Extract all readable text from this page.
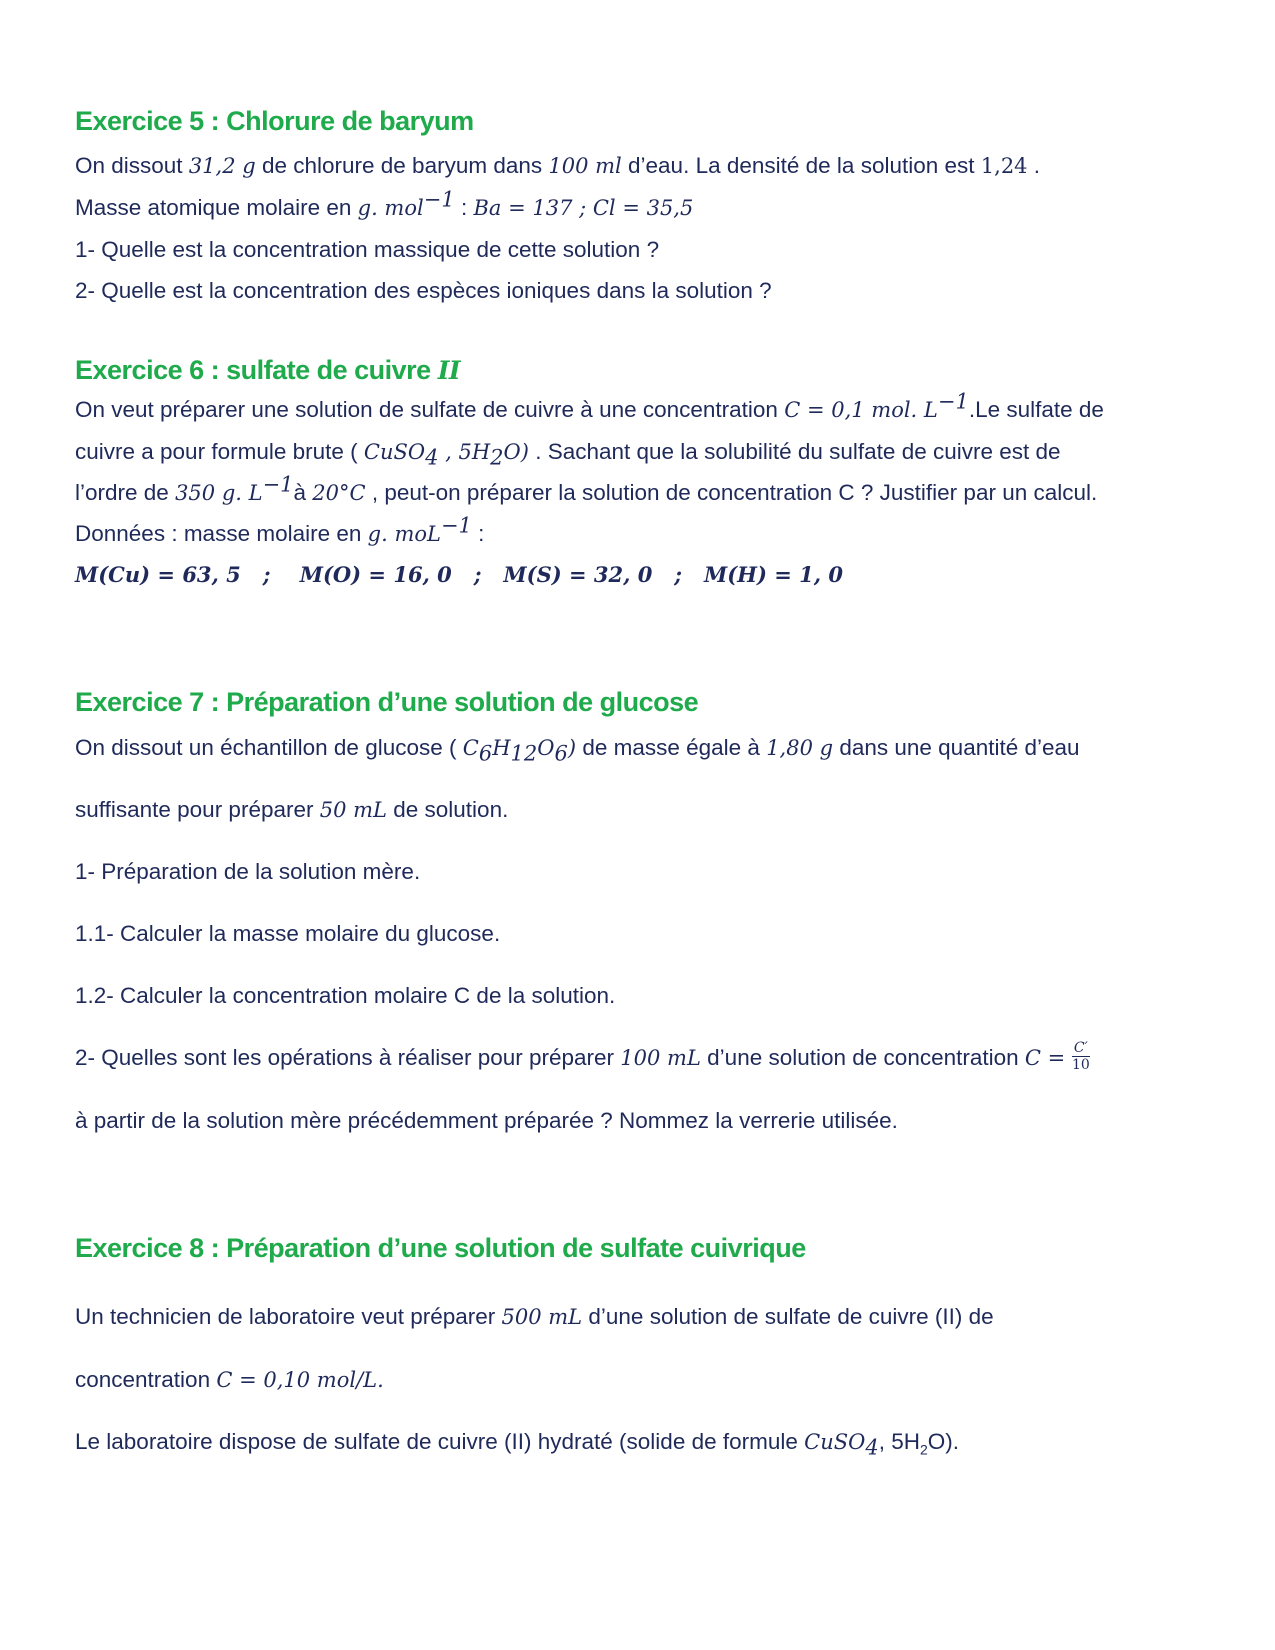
Exercice 5 : Chlorure de baryum
On dissout 31,2 g de chlorure de baryum dans 100 ml d’eau. La densité de la solution est 1,24 .
Masse atomique molaire en g. mol$^{-1}$ : Ba = 137 ; Cl = 35,5
1- Quelle est la concentration massique de cette solution ?
2- Quelle est la concentration des espèces ioniques dans la solution ?
Exercice 6 : sulfate de cuivre II
On veut préparer une solution de sulfate de cuivre à une concentration C = 0,1 mol. $L^{-1}.Le$ sulfate de
cuivre a pour formule brute ( CuSO$_4$ , $5H_2O$) . Sachant que la solubilité du sulfate de cuivre est de
l’ordre de 350 g. $L^{-1}à$ 20°C , peut-on préparer la solution de concentration C ? Justifier par un calcul.
Données : masse molaire en g. moL$^{-1}$ :
M(Cu) = 63, 5   ;    M(O) = 16, 0   ;   M(S) = 32, 0   ;   M(H) = 1, 0
Exercice 7 : Préparation d’une solution de glucose
On dissout un échantillon de glucose ( $C_6H_{12}O_6$) de masse égale à 1,80 g dans une quantité d’eau
suffisante pour préparer 50 mL de solution.
1- Préparation de la solution mère.
1.1- Calculer la masse molaire du glucose.
1.2- Calculer la concentration molaire C de la solution.
2- Quelles sont les opérations à réaliser pour préparer 100 mL d’une solution de concentration $C = \frac{C'}{10}$
à partir de la solution mère précédemment préparée ? Nommez la verrerie utilisée.
Exercice 8 : Préparation d’une solution de sulfate cuivrique
Un technicien de laboratoire veut préparer 500 mL d’une solution de sulfate de cuivre (II) de
concentration C = 0,10 mol/L.
Le laboratoire dispose de sulfate de cuivre (II) hydraté (solide de formule CuSO$_4$, $5H_2O$).
